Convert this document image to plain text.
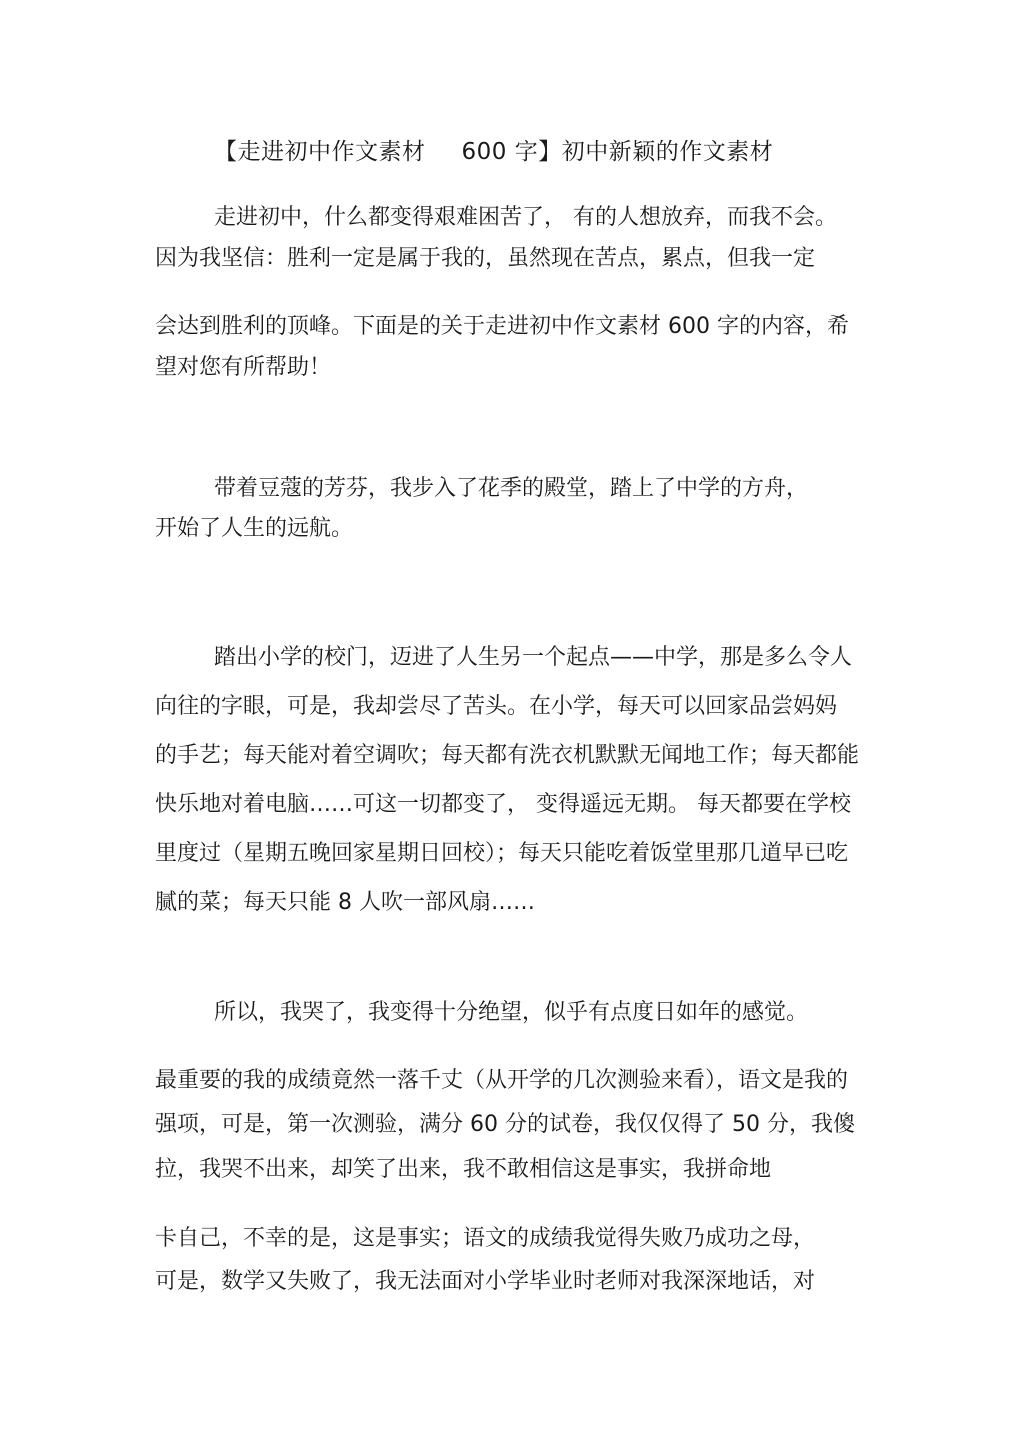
【走进初中作文素材 600 字】初中新颖的作文素材
走进初中，什么都变得艰难困苦了， 有的人想放弃，而我不会。
因为我坚信：胜利一定是属于我的，虽然现在苦点，累点，但我一定
会达到胜利的顶峰。下面是的关于走进初中作文素材 600 字的内容，希
望对您有所帮助！
带着豆蔻的芳芬，我步入了花季的殿堂，踏上了中学的方舟，
开始了人生的远航。
踏出小学的校门，迈进了人生另一个起点——中学，那是多么令人
向往的字眼，可是，我却尝尽了苦头。在小学，每天可以回家品尝妈妈
的手艺；每天能对着空调吹；每天都有洗衣机默默无闻地工作；每天都能
快乐地对着电脑……可这一切都变了， 变得遥远无期。 每天都要在学校
里度过（星期五晚回家星期日回校）；每天只能吃着饭堂里那几道早已吃
腻的菜；每天只能 8 人吹一部风扇……
所以，我哭了，我变得十分绝望，似乎有点度日如年的感觉。
最重要的我的成绩竟然一落千丈（从开学的几次测验来看），语文是我的
强项，可是，第一次测验，满分 60 分的试卷，我仅仅得了 50 分，我傻
拉，我哭不出来，却笑了出来，我不敢相信这是事实，我拼命地
卡自己，不幸的是，这是事实；语文的成绩我觉得失败乃成功之母，
可是，数学又失败了，我无法面对小学毕业时老师对我深深地话，对
